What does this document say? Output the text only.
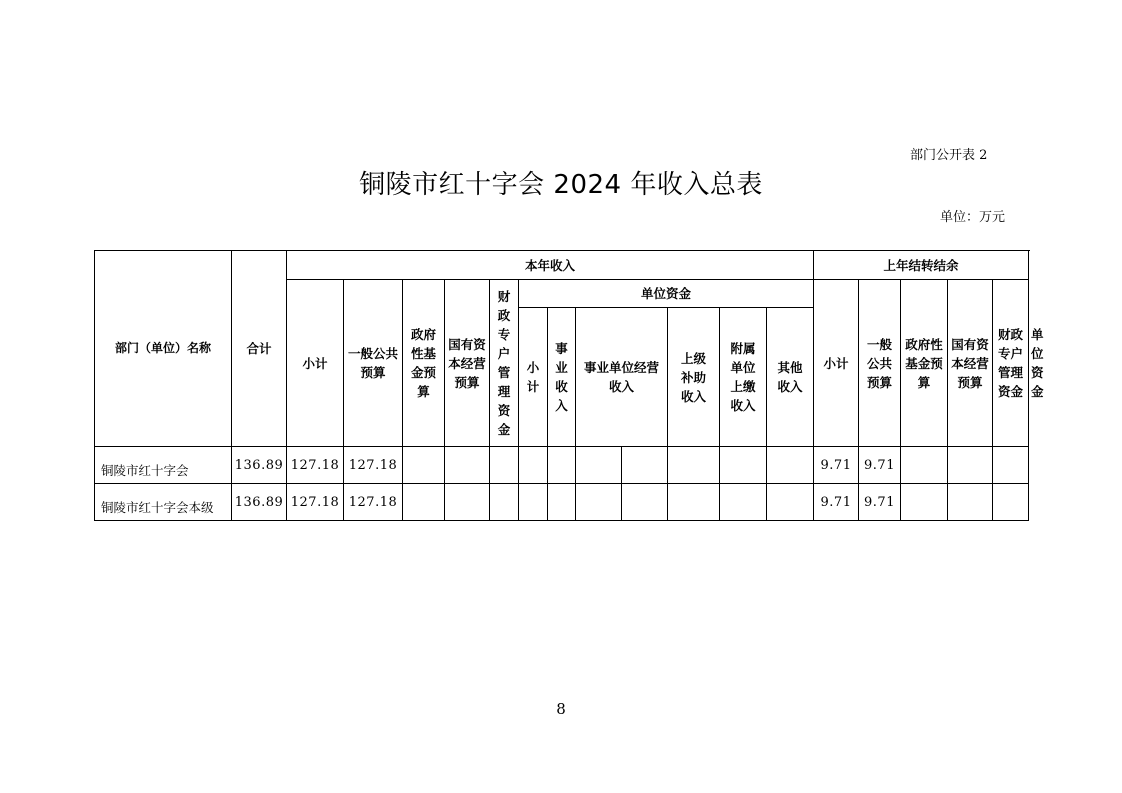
部门公开表 2
铜陵市红十字会 2024 年收入总表
单位：万元
部门（单位）名称	合计	本年收入												上年结转结余					
		小计	一般公共预算	政府性基金预算	国有资本经营预算	财政专户管理资金	单位资金							小计	一般公共预算	政府性基金预算	国有资本经营预算	财政专户管理资金	单位资金
							小计	事业收入	事业单位经营收入		上级补助收入	附属单位上缴收入	其他收入						
铜陵市红十字会	136.89	127.18	127.18											9.71	9.71				
铜陵市红十字会本级	136.89	127.18	127.18											9.71	9.71				
8
